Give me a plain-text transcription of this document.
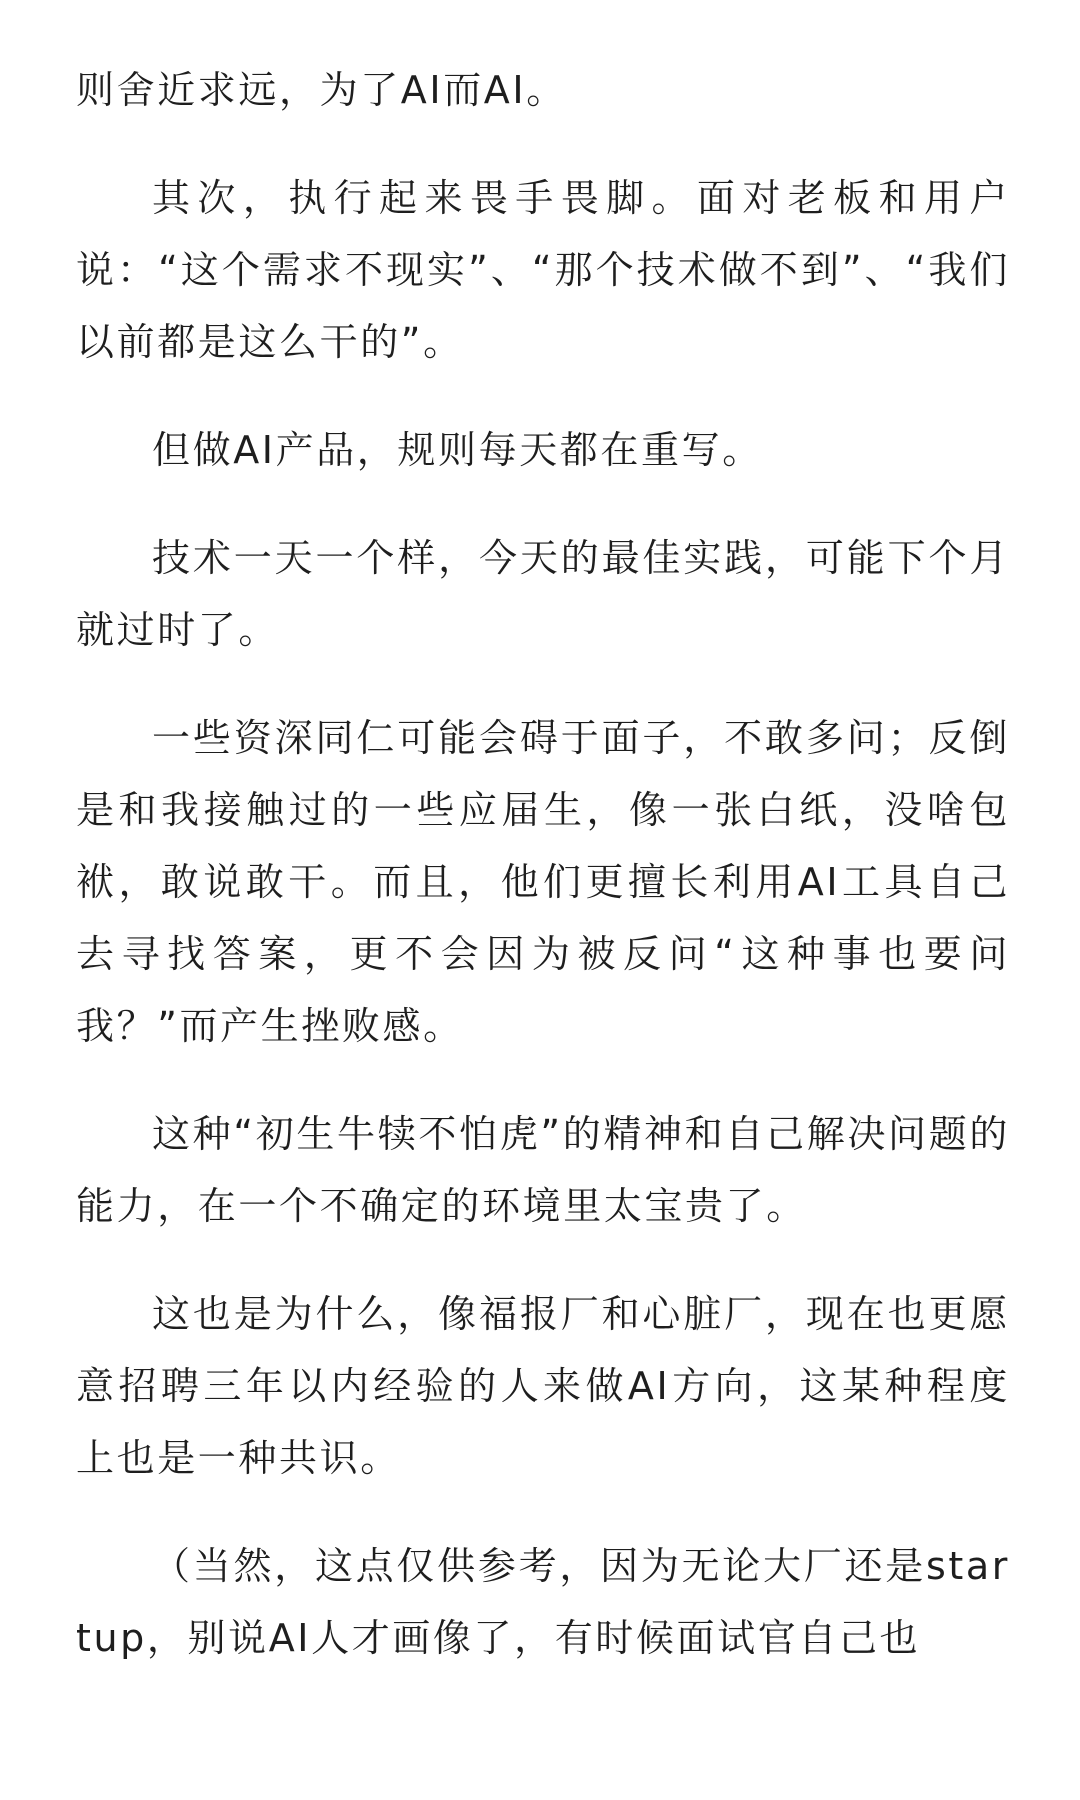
则舍近求远，为了AI而AI。

其次，执行起来畏手畏脚。面对老板和用户说：“这个需求不现实”、“那个技术做不到”、“我们以前都是这么干的”。

但做AI产品，规则每天都在重写。

技术一天一个样，今天的最佳实践，可能下个月就过时了。

一些资深同仁可能会碍于面子，不敢多问；反倒是和我接触过的一些应届生，像一张白纸，没啥包袱，敢说敢干。而且，他们更擅长利用AI工具自己去寻找答案，更不会因为被反问“这种事也要问我？”而产生挫败感。

这种“初生牛犊不怕虎”的精神和自己解决问题的能力，在一个不确定的环境里太宝贵了。

这也是为什么，像福报厂和心脏厂，现在也更愿意招聘三年以内经验的人来做AI方向，这某种程度上也是一种共识。

（当然，这点仅供参考，因为无论大厂还是startup，别说AI人才画像了，有时候面试官自己也
